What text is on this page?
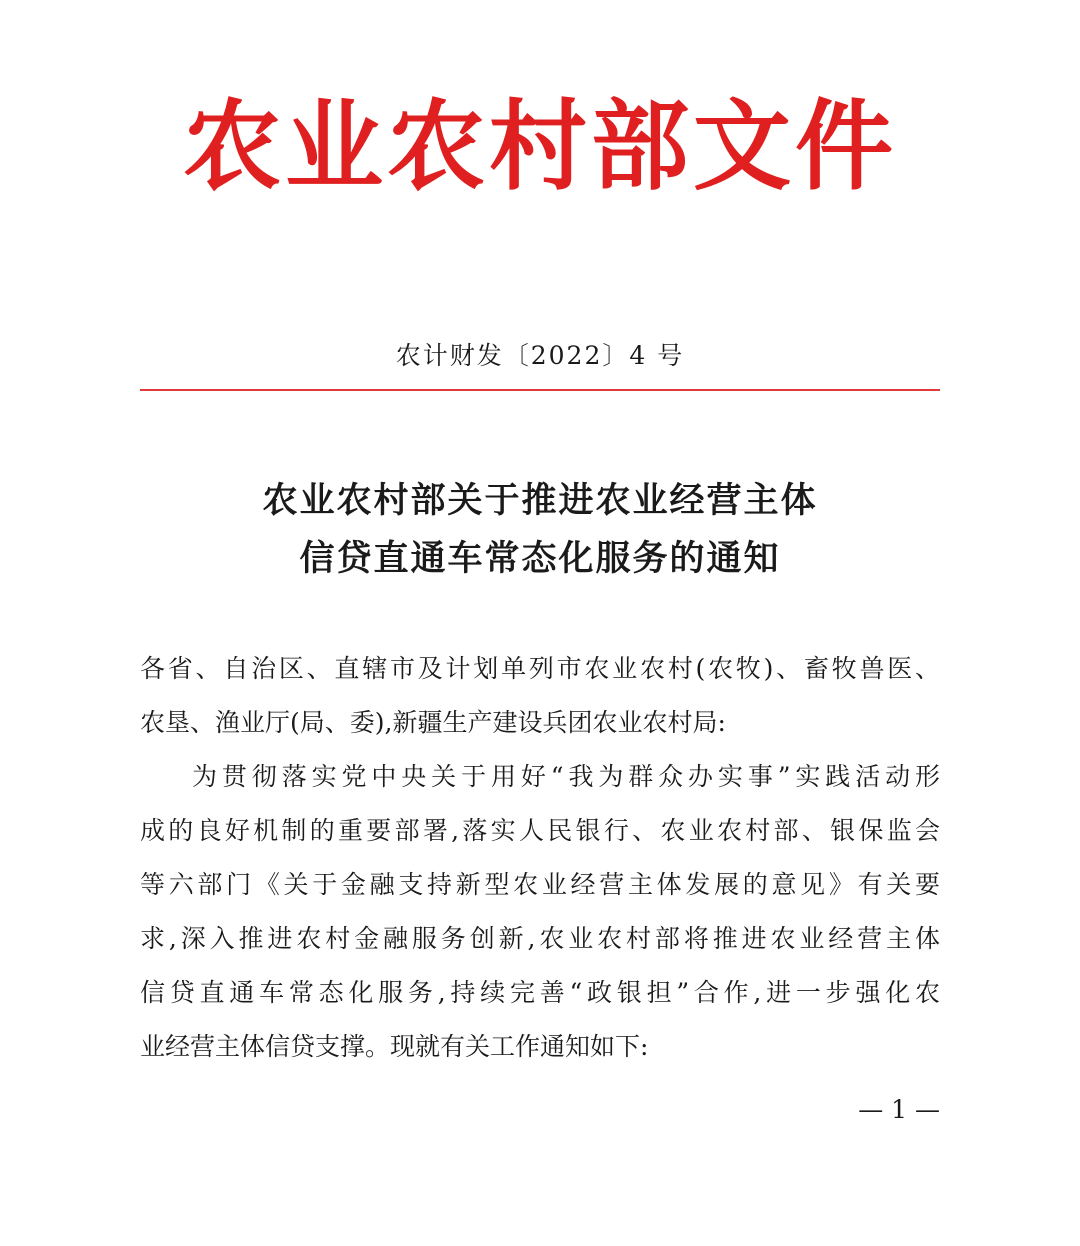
农业农村部文件
农计财发〔2022〕4 号
农业农村部关于推进农业经营主体
信贷直通车常态化服务的通知
各省、自治区、直辖市及计划单列市农业农村(农牧)、畜牧兽医、
农垦、渔业厅(局、委),新疆生产建设兵团农业农村局:
为贯彻落实党中央关于用好“我为群众办实事”实践活动形
成的良好机制的重要部署,落实人民银行、农业农村部、银保监会
等六部门《关于金融支持新型农业经营主体发展的意见》有关要
求,深入推进农村金融服务创新,农业农村部将推进农业经营主体
信贷直通车常态化服务,持续完善“政银担”合作,进一步强化农
业经营主体信贷支撑。现就有关工作通知如下:
— 1 —
